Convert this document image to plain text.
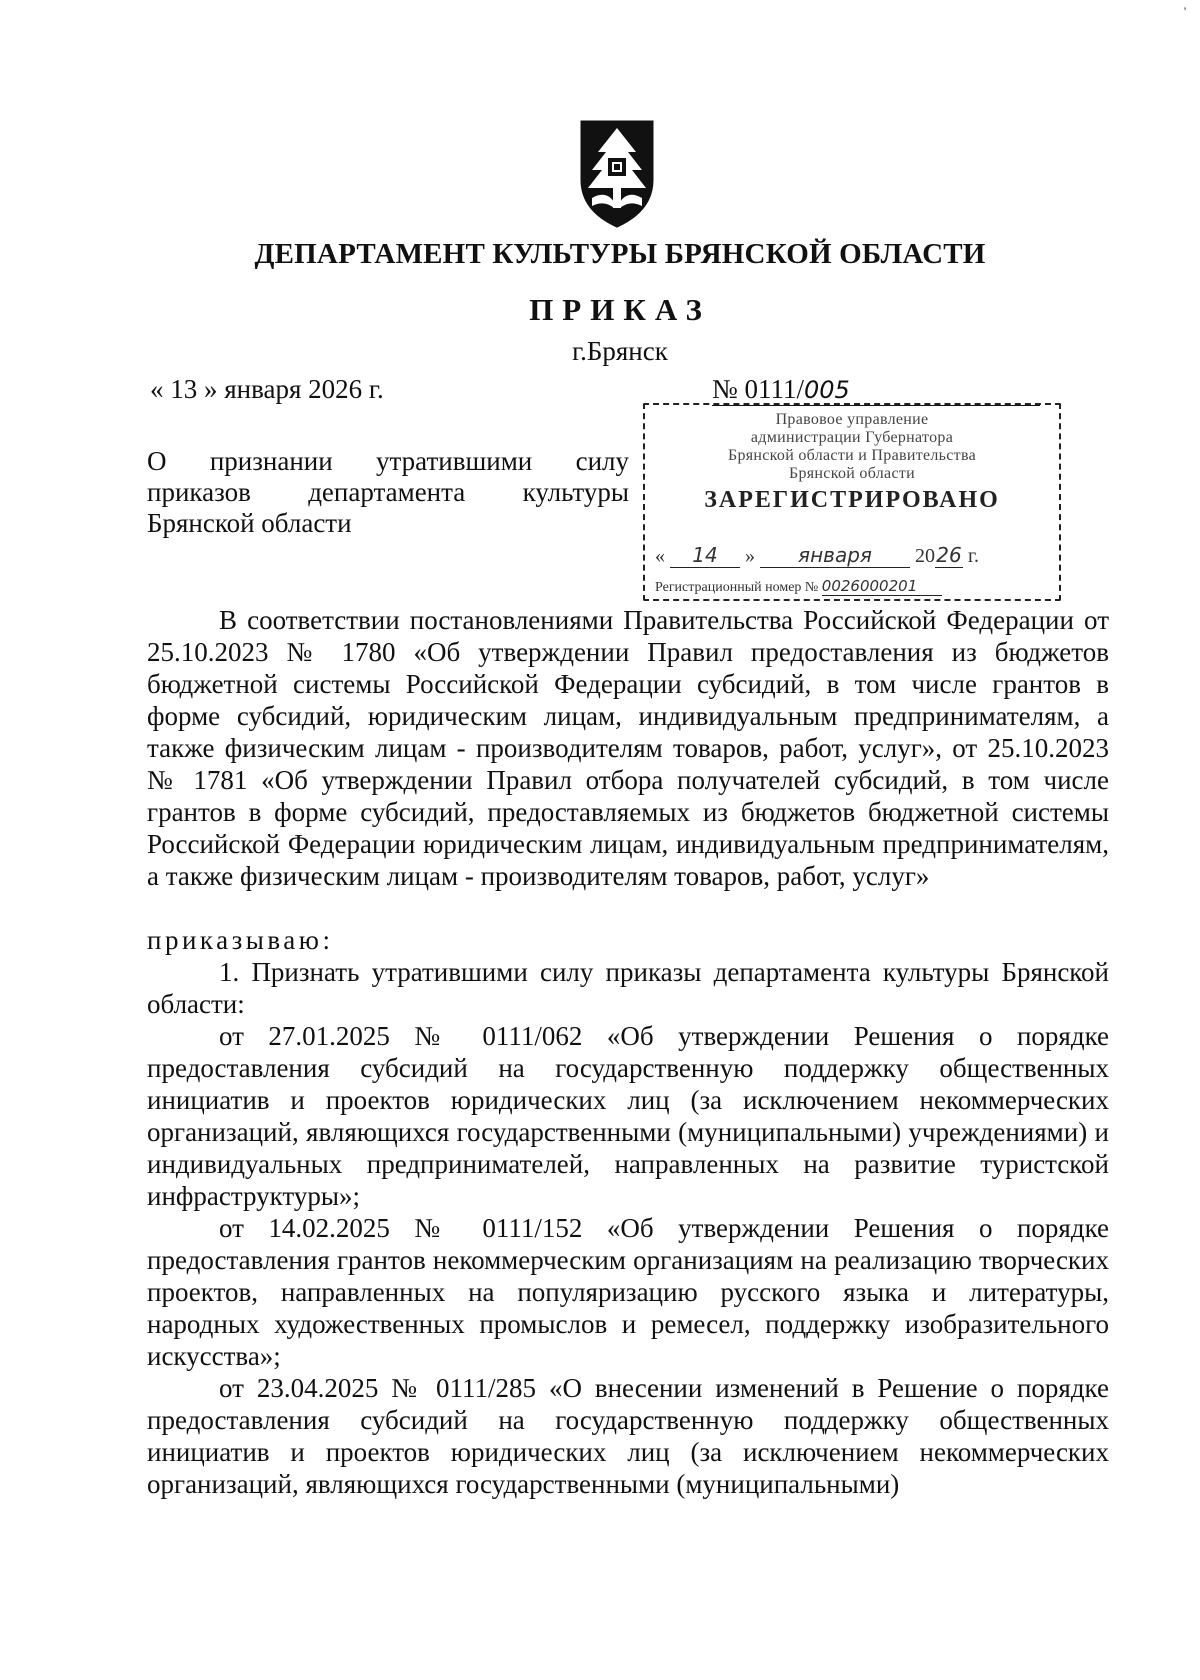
'
ДЕПАРТАМЕНТ КУЛЬТУРЫ БРЯНСКОЙ ОБЛАСТИ
ПРИКАЗ
г.Брянск
« 13 » января 2026 г.	№ 0111/005
О признании утратившими силу
приказов департамента культуры
Брянской области
Правовое управление
администрации Губернатора
Брянской области и Правительства
Брянской области
ЗАРЕГИСТРИРОВАНО
« 14 » января 2026 г.
Регистрационный номер № 0026000201

В соответствии постановлениями Правительства Российской Федерации от 25.10.2023 № 1780 «Об утверждении Правил предоставления из бюджетов бюджетной системы Российской Федерации субсидий, в том числе грантов в форме субсидий, юридическим лицам, индивидуальным предпринимателям, а также физическим лицам - производителям товаров, работ, услуг», от 25.10.2023 № 1781 «Об утверждении Правил отбора получателей субсидий, в том числе грантов в форме субсидий, предоставляемых из бюджетов бюджетной системы Российской Федерации юридическим лицам, индивидуальным предпринимателям, а также физическим лицам - производителям товаров, работ, услуг»

приказываю:

1. Признать утратившими силу приказы департамента культуры Брянской области:

от 27.01.2025 № 0111/062 «Об утверждении Решения о порядке предоставления субсидий на государственную поддержку общественных инициатив и проектов юридических лиц (за исключением некоммерческих организаций, являющихся государственными (муниципальными) учреждениями) и индивидуальных предпринимателей, направленных на развитие туристской инфраструктуры»;

от 14.02.2025 № 0111/152 «Об утверждении Решения о порядке предоставления грантов некоммерческим организациям на реализацию творческих проектов, направленных на популяризацию русского языка и литературы, народных художественных промыслов и ремесел, поддержку изобразительного искусства»;

от 23.04.2025 № 0111/285 «О внесении изменений в Решение о порядке предоставления субсидий на государственную поддержку общественных инициатив и проектов юридических лиц (за исключением некоммерческих организаций, являющихся государственными (муниципальными)
